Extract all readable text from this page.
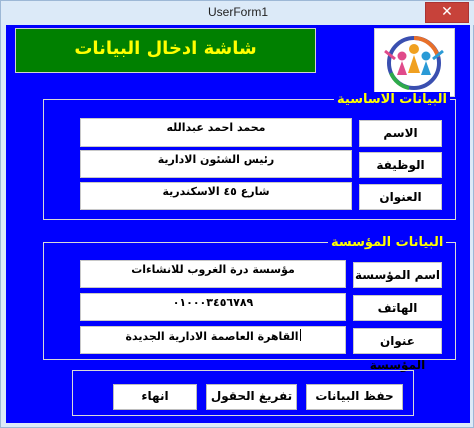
UserForm1	✕
شاشة ادخال البيانات
البيانات الاساسية
الاسم
محمد احمد عبدالله
الوظيفة
رئيس الشئون الادارية
العنوان
شارع ٤٥ الاسكندرية
البيانات المؤسسة
اسم المؤسسة
مؤسسة درة الغروب للانشاءات
الهاتف
٠١٠٠٠٣٤٥٦٧٨٩
عنوان المؤسسة
القاهرة العاصمة الادارية الجديدة
حفظ البيانات
تفريغ الحقول
انهاء
